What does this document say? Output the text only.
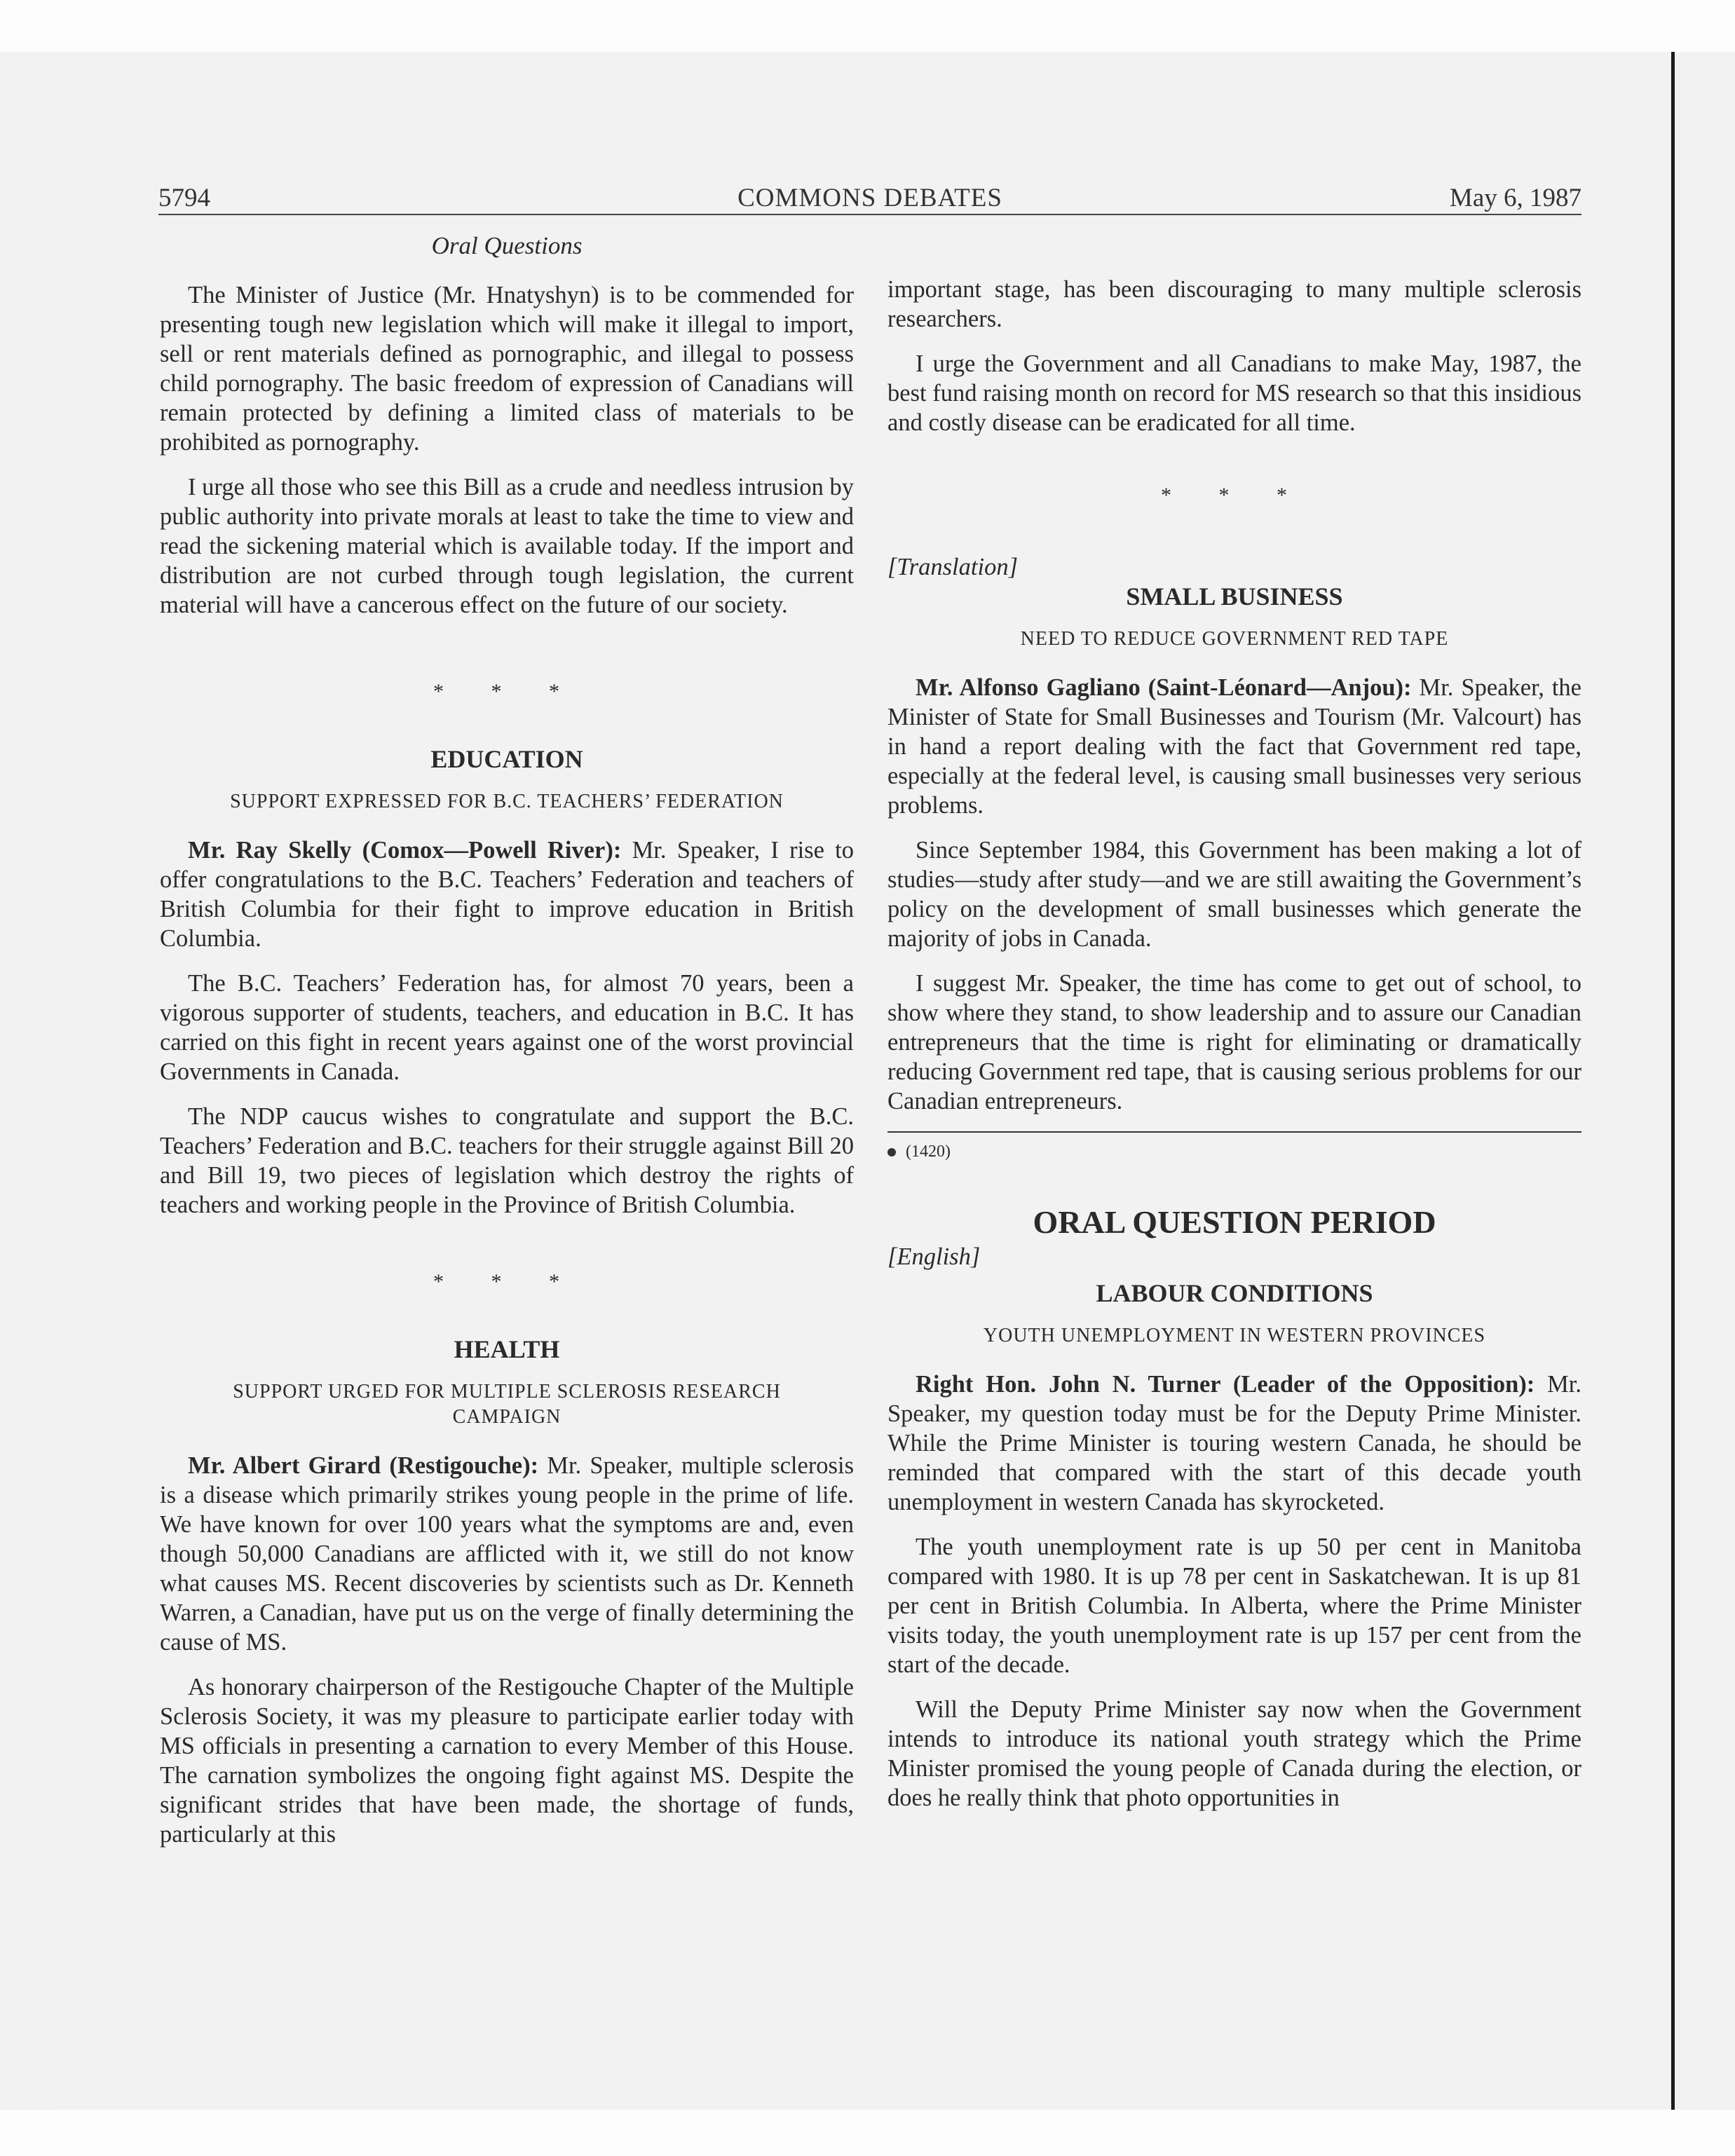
5794	COMMONS DEBATES	May 6, 1987
Oral Questions

The Minister of Justice (Mr. Hnatyshyn) is to be commended for presenting tough new legislation which will make it illegal to import, sell or rent materials defined as pornographic, and illegal to possess child pornography. The basic freedom of expression of Canadians will remain protected by defining a limited class of materials to be prohibited as pornography.

I urge all those who see this Bill as a crude and needless intrusion by public authority into private morals at least to take the time to view and read the sickening material which is available today. If the import and distribution are not curbed through tough legislation, the current material will have a cancerous effect on the future of our society.

* * *
EDUCATION
SUPPORT EXPRESSED FOR B.C. TEACHERS’ FEDERATION

Mr. Ray Skelly (Comox—Powell River): Mr. Speaker, I rise to offer congratulations to the B.C. Teachers’ Federation and teachers of British Columbia for their fight to improve education in British Columbia.

The B.C. Teachers’ Federation has, for almost 70 years, been a vigorous supporter of students, teachers, and education in B.C. It has carried on this fight in recent years against one of the worst provincial Governments in Canada.

The NDP caucus wishes to congratulate and support the B.C. Teachers’ Federation and B.C. teachers for their struggle against Bill 20 and Bill 19, two pieces of legislation which destroy the rights of teachers and working people in the Province of British Columbia.

* * *
HEALTH
SUPPORT URGED FOR MULTIPLE SCLEROSIS RESEARCH CAMPAIGN

Mr. Albert Girard (Restigouche): Mr. Speaker, multiple sclerosis is a disease which primarily strikes young people in the prime of life. We have known for over 100 years what the symptoms are and, even though 50,000 Canadians are afflicted with it, we still do not know what causes MS. Recent discoveries by scientists such as Dr. Kenneth Warren, a Canadian, have put us on the verge of finally determining the cause of MS.

As honorary chairperson of the Restigouche Chapter of the Multiple Sclerosis Society, it was my pleasure to participate earlier today with MS officials in presenting a carnation to every Member of this House. The carnation symbolizes the ongoing fight against MS. Despite the significant strides that have been made, the shortage of funds, particularly at this

important stage, has been discouraging to many multiple sclerosis researchers.

I urge the Government and all Canadians to make May, 1987, the best fund raising month on record for MS research so that this insidious and costly disease can be eradicated for all time.

* * *

[Translation]

SMALL BUSINESS
NEED TO REDUCE GOVERNMENT RED TAPE

Mr. Alfonso Gagliano (Saint-Léonard—Anjou): Mr. Speaker, the Minister of State for Small Businesses and Tourism (Mr. Valcourt) has in hand a report dealing with the fact that Government red tape, especially at the federal level, is causing small businesses very serious problems.

Since September 1984, this Government has been making a lot of studies—study after study—and we are still awaiting the Government’s policy on the development of small businesses which generate the majority of jobs in Canada.

I suggest Mr. Speaker, the time has come to get out of school, to show where they stand, to show leadership and to assure our Canadian entrepreneurs that the time is right for eliminating or dramatically reducing Government red tape, that is causing serious problems for our Canadian entrepreneurs.

(1420)
ORAL QUESTION PERIOD

[English]

LABOUR CONDITIONS
YOUTH UNEMPLOYMENT IN WESTERN PROVINCES

Right Hon. John N. Turner (Leader of the Opposition): Mr. Speaker, my question today must be for the Deputy Prime Minister. While the Prime Minister is touring western Canada, he should be reminded that compared with the start of this decade youth unemployment in western Canada has skyrocketed.

The youth unemployment rate is up 50 per cent in Manitoba compared with 1980. It is up 78 per cent in Saskatchewan. It is up 81 per cent in British Columbia. In Alberta, where the Prime Minister visits today, the youth unemployment rate is up 157 per cent from the start of the decade.

Will the Deputy Prime Minister say now when the Government intends to introduce its national youth strategy which the Prime Minister promised the young people of Canada during the election, or does he really think that photo opportunities in
